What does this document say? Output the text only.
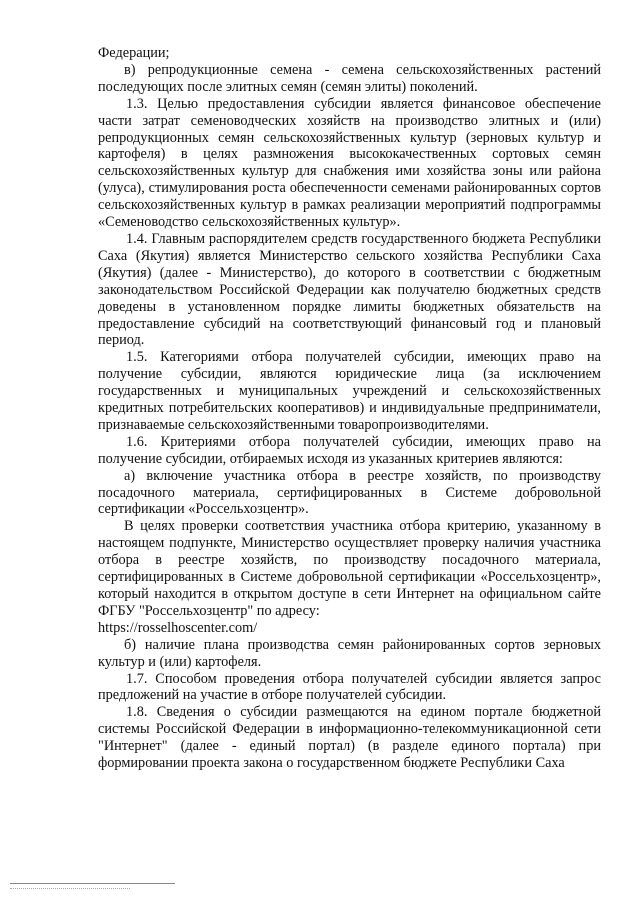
Федерации;

в) репродукционные семена - семена сельскохозяйственных растений последующих после элитных семян (семян элиты) поколений.

1.3. Целью предоставления субсидии является финансовое обеспечение части затрат семеноводческих хозяйств на производство элитных и (или) репродукционных семян сельскохозяйственных культур (зерновых культур и картофеля) в целях размножения высококачественных сортовых семян сельскохозяйственных культур для снабжения ими хозяйства зоны или района (улуса), стимулирования роста обеспеченности семенами районированных сортов сельскохозяйственных культур в рамках реализации мероприятий подпрограммы «Семеноводство сельскохозяйственных культур».

1.4. Главным распорядителем средств государственного бюджета Республики Саха (Якутия) является Министерство сельского хозяйства Республики Саха (Якутия) (далее - Министерство), до которого в соответствии с бюджетным законодательством Российской Федерации как получателю бюджетных средств доведены в установленном порядке лимиты бюджетных обязательств на предоставление субсидий на соответствующий финансовый год и плановый период.

1.5. Категориями отбора получателей субсидии, имеющих право на получение субсидии, являются юридические лица (за исключением государственных и муниципальных учреждений и сельскохозяйственных кредитных потребительских кооперативов) и индивидуальные предприниматели, признаваемые сельскохозяйственными товаропроизводителями.

1.6. Критериями отбора получателей субсидии, имеющих право на получение субсидии, отбираемых исходя из указанных критериев являются:

а) включение участника отбора в реестре хозяйств, по производству посадочного материала, сертифицированных в Системе добровольной сертификации «Россельхозцентр».

В целях проверки соответствия участника отбора критерию, указанному в настоящем подпункте, Министерство осуществляет проверку наличия участника отбора в реестре хозяйств, по производству посадочного материала, сертифицированных в Системе добровольной сертификации «Россельхозцентр», который находится в открытом доступе в сети Интернет на официальном сайте ФГБУ "Россельхозцентр" по адресу:

https://rosselhoscenter.com/

б) наличие плана производства семян районированных сортов зерновых культур и (или) картофеля.

1.7. Способом проведения отбора получателей субсидии является запрос предложений на участие в отборе получателей субсидии.

1.8. Сведения о субсидии размещаются на едином портале бюджетной системы Российской Федерации в информационно-телекоммуникационной сети "Интернет" (далее - единый портал) (в разделе единого портала) при формировании проекта закона о государственном бюджете Республики Саха
